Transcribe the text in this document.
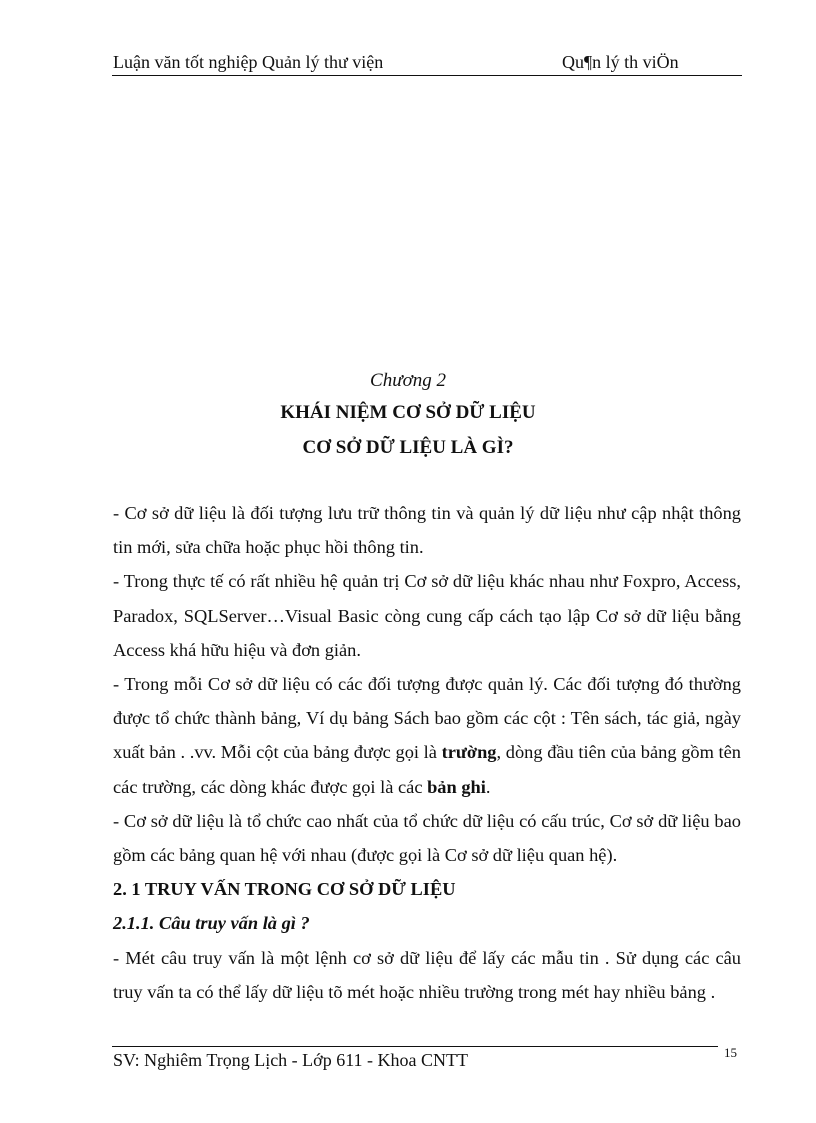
Luận văn tốt nghiệp Quản lý thư viện	Qu¶n lý th viÖn
Chương 2
KHÁI NIỆM CƠ SỞ DỮ LIỆU
CƠ SỞ DỮ LIỆU LÀ GÌ?

- Cơ sở dữ liệu là đối tượng lưu trữ thông tin và quản lý dữ liệu như cập nhật thông tin mới, sửa chữa hoặc phục hồi thông tin.

- Trong thực tế có rất nhiều hệ quản trị Cơ sở dữ liệu khác nhau như Foxpro, Access, Paradox, SQLServer…Visual Basic còng cung cấp cách tạo lập Cơ sở dữ liệu bằng Access khá hữu hiệu và đơn giản.

- Trong mỗi Cơ sở dữ liệu có các đối tượng được quản lý. Các đối tượng đó thường được tổ chức thành bảng, Ví dụ bảng Sách bao gồm các cột : Tên sách, tác giả, ngày xuất bản . .vv. Mỗi cột của bảng được gọi là trường, dòng đầu tiên của bảng gồm tên các trường, các dòng khác được gọi là các bản ghi.

- Cơ sở dữ liệu là tổ chức cao nhất của tổ chức dữ liệu có cấu trúc, Cơ sở dữ liệu bao gồm các bảng quan hệ với nhau (được gọi là Cơ sở dữ liệu quan hệ).

2. 1 TRUY VẤN TRONG CƠ SỞ DỮ LIỆU

2.1.1. Câu truy vấn là gì ?

- Mét câu truy vấn là một lệnh cơ sở dữ liệu để lấy các mẫu tin . Sử dụng các câu truy vấn ta có thể lấy dữ liệu tõ mét hoặc nhiều trường trong mét hay nhiều bảng .

SV: Nghiêm Trọng Lịch - Lớp 611 - Khoa CNTT	15
